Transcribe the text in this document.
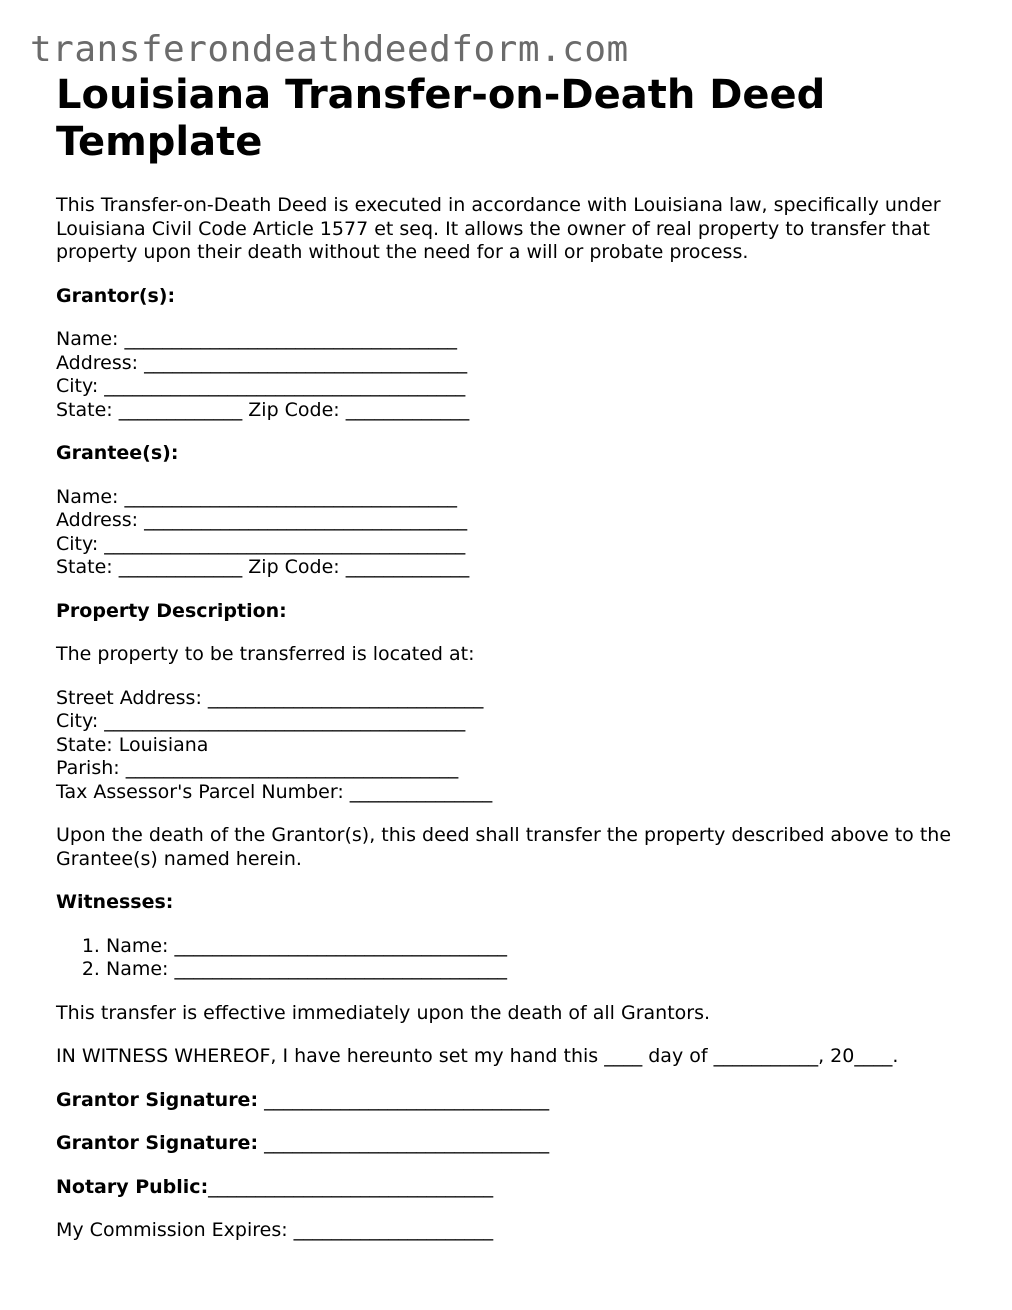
transferondeathdeedform.com
Louisiana Transfer-on-Death Deed Template

This Transfer-on-Death Deed is executed in accordance with Louisiana law, specifically under Louisiana Civil Code Article 1577 et seq. It allows the owner of real property to transfer that property upon their death without the need for a will or probate process.

Grantor(s):

Name: ___________________________________
Address: __________________________________
City: ______________________________________
State: _____________ Zip Code: _____________

Grantee(s):

Name: ___________________________________
Address: __________________________________
City: ______________________________________
State: _____________ Zip Code: _____________

Property Description:

The property to be transferred is located at:

Street Address: _____________________________
City: ______________________________________
State: Louisiana
Parish: ___________________________________
Tax Assessor's Parcel Number: _______________

Upon the death of the Grantor(s), this deed shall transfer the property described above to the Grantee(s) named herein.

Witnesses:

1. Name: ___________________________________
2. Name: ___________________________________

This transfer is effective immediately upon the death of all Grantors.

IN WITNESS WHEREOF, I have hereunto set my hand this ____ day of ___________, 20____.

Grantor Signature: ______________________________

Grantor Signature: ______________________________

Notary Public:______________________________

My Commission Expires: _____________________
